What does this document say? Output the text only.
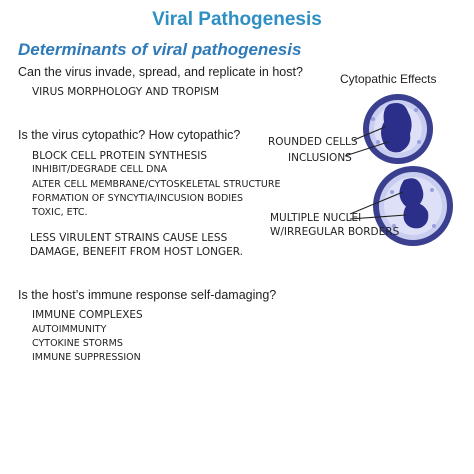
Viral Pathogenesis
Determinants of viral pathogenesis
Can the virus invade, spread, and replicate in host?
VIRUS MORPHOLOGY AND TROPISM
Is the virus cytopathic? How cytopathic?
BLOCK CELL PROTEIN SYNTHESIS
INHIBIT/DEGRADE CELL DNA
ALTER CELL MEMBRANE/CYTOSKELETAL STRUCTURE
FORMATION OF SYNCYTIA/INCUSION BODIES
TOXIC, ETC.
LESS VIRULENT STRAINS CAUSE LESS
DAMAGE, BENEFIT FROM HOST LONGER.
Is the host’s immune response self-damaging?
IMMUNE COMPLEXES
AUTOIMMUNITY
CYTOKINE STORMS
IMMUNE SUPPRESSION
Cytopathic Effects
ROUNDED CELLS
INCLUSIONS
MULTIPLE NUCLEI
W/IRREGULAR BORDERS
